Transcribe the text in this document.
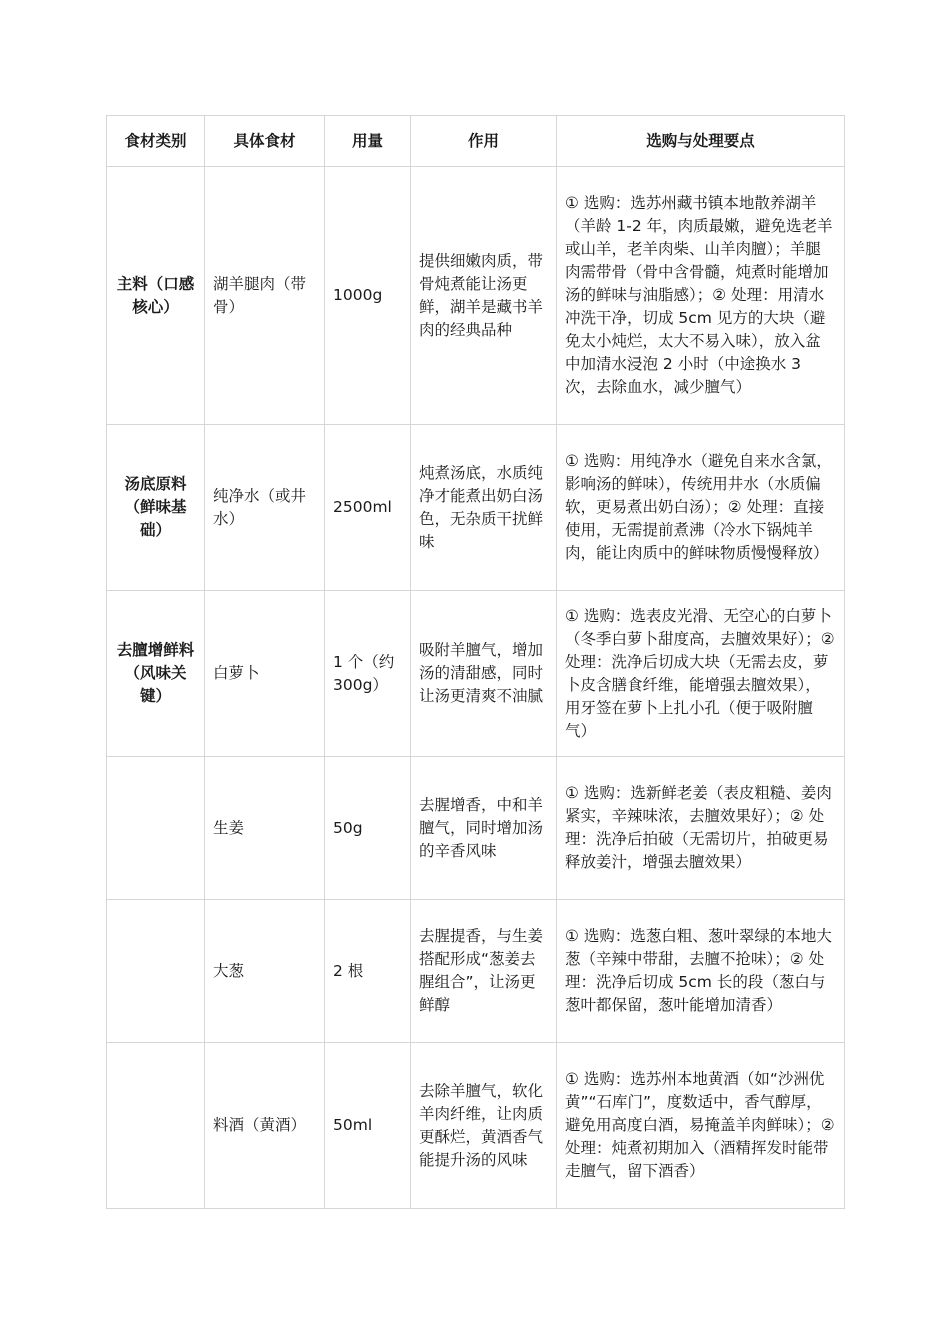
食材类别	具体食材	用量	作用	选购与处理要点
主料（口感核心）	湖羊腿肉（带骨）	1000g	提供细嫩肉质，带骨炖煮能让汤更鲜，湖羊是藏书羊肉的经典品种	① 选购：选苏州藏书镇本地散养湖羊（羊龄 1-2 年，肉质最嫩，避免选老羊或山羊，老羊肉柴、山羊肉膻）；羊腿肉需带骨（骨中含骨髓，炖煮时能增加汤的鲜味与油脂感）；② 处理：用清水冲洗干净，切成 5cm 见方的大块（避免太小炖烂，太大不易入味），放入盆中加清水浸泡 2 小时（中途换水 3 次，去除血水，减少膻气）
汤底原料（鲜味基础）	纯净水（或井水）	2500ml	炖煮汤底，水质纯净才能煮出奶白汤色，无杂质干扰鲜味	① 选购：用纯净水（避免自来水含氯，影响汤的鲜味），传统用井水（水质偏软，更易煮出奶白汤）；② 处理：直接使用，无需提前煮沸（冷水下锅炖羊肉，能让肉质中的鲜味物质慢慢释放）
去膻增鲜料（风味关键）	白萝卜	1 个（约 300g）	吸附羊膻气，增加汤的清甜感，同时让汤更清爽不油腻	① 选购：选表皮光滑、无空心的白萝卜（冬季白萝卜甜度高，去膻效果好）；② 处理：洗净后切成大块（无需去皮，萝卜皮含膳食纤维，能增强去膻效果），用牙签在萝卜上扎小孔（便于吸附膻气）
	生姜	50g	去腥增香，中和羊膻气，同时增加汤的辛香风味	① 选购：选新鲜老姜（表皮粗糙、姜肉紧实，辛辣味浓，去膻效果好）；② 处理：洗净后拍破（无需切片，拍破更易释放姜汁，增强去膻效果）
	大葱	2 根	去腥提香，与生姜搭配形成“葱姜去腥组合”，让汤更鲜醇	① 选购：选葱白粗、葱叶翠绿的本地大葱（辛辣中带甜，去膻不抢味）；② 处理：洗净后切成 5cm 长的段（葱白与葱叶都保留，葱叶能增加清香）
	料酒（黄酒）	50ml	去除羊膻气，软化羊肉纤维，让肉质更酥烂，黄酒香气能提升汤的风味	① 选购：选苏州本地黄酒（如“沙洲优黄”“石库门”，度数适中，香气醇厚，避免用高度白酒，易掩盖羊肉鲜味）；② 处理：炖煮初期加入（酒精挥发时能带走膻气，留下酒香）
